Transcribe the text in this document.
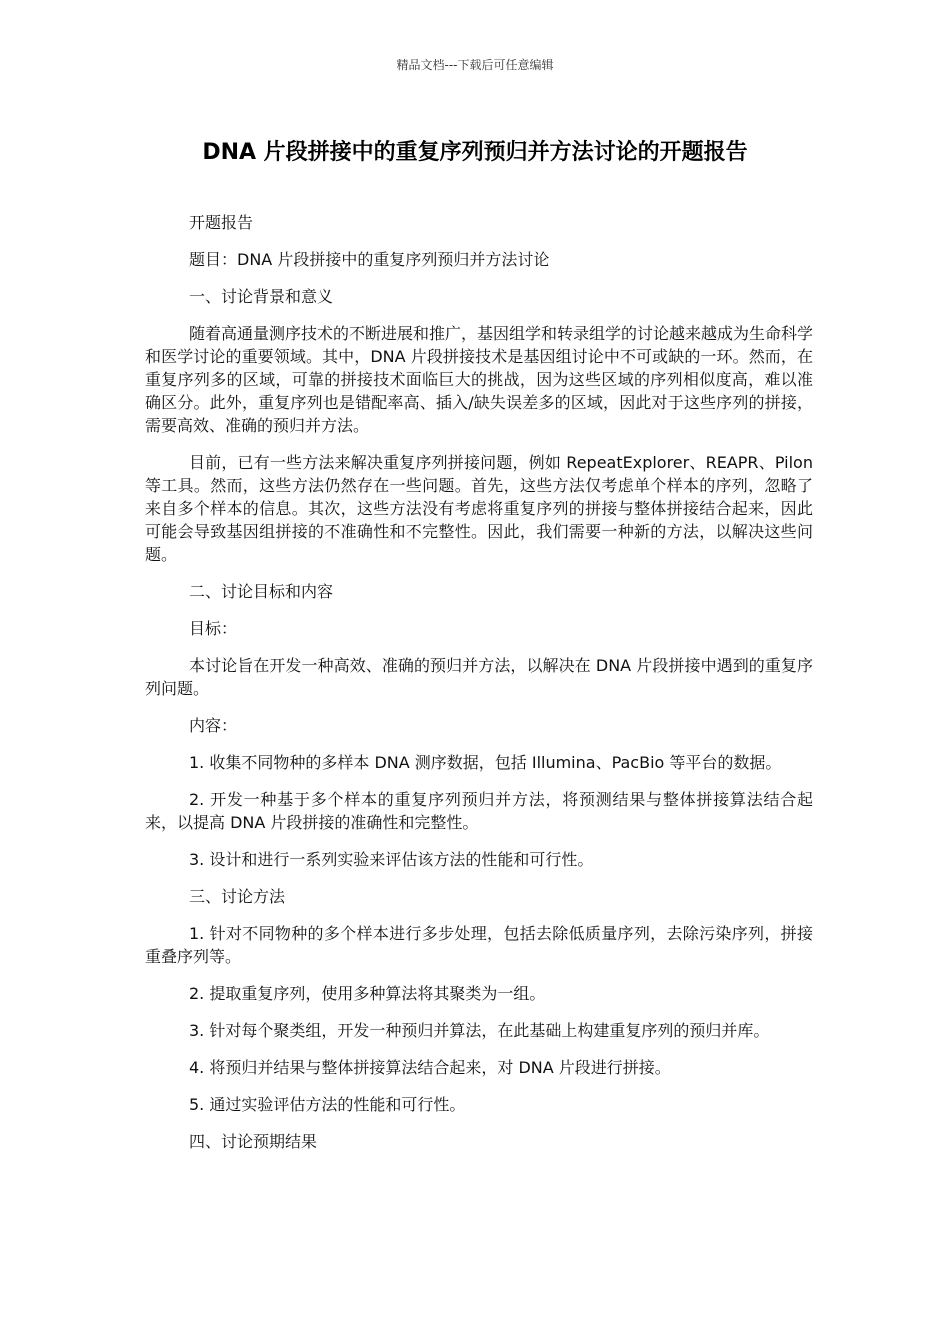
精品文档---下载后可任意编辑
DNA 片段拼接中的重复序列预归并方法讨论的开题报告

开题报告

题目：DNA 片段拼接中的重复序列预归并方法讨论

一、讨论背景和意义

随着高通量测序技术的不断进展和推广，基因组学和转录组学的讨论越来越成为生命科学和医学讨论的重要领域。其中，DNA 片段拼接技术是基因组讨论中不可或缺的一环。然而，在重复序列多的区域，可靠的拼接技术面临巨大的挑战，因为这些区域的序列相似度高，难以准确区分。此外，重复序列也是错配率高、插入/缺失误差多的区域，因此对于这些序列的拼接，需要高效、准确的预归并方法。

目前，已有一些方法来解决重复序列拼接问题，例如 RepeatExplorer、REAPR、Pilon 等工具。然而，这些方法仍然存在一些问题。首先，这些方法仅考虑单个样本的序列，忽略了来自多个样本的信息。其次，这些方法没有考虑将重复序列的拼接与整体拼接结合起来，因此可能会导致基因组拼接的不准确性和不完整性。因此，我们需要一种新的方法，以解决这些问题。

二、讨论目标和内容

目标：

本讨论旨在开发一种高效、准确的预归并方法，以解决在 DNA 片段拼接中遇到的重复序列问题。

内容：

1. 收集不同物种的多样本 DNA 测序数据，包括 Illumina、PacBio 等平台的数据。

2. 开发一种基于多个样本的重复序列预归并方法，将预测结果与整体拼接算法结合起来，以提高 DNA 片段拼接的准确性和完整性。

3. 设计和进行一系列实验来评估该方法的性能和可行性。

三、讨论方法

1. 针对不同物种的多个样本进行多步处理，包括去除低质量序列，去除污染序列，拼接重叠序列等。

2. 提取重复序列，使用多种算法将其聚类为一组。

3. 针对每个聚类组，开发一种预归并算法，在此基础上构建重复序列的预归并库。

4. 将预归并结果与整体拼接算法结合起来，对 DNA 片段进行拼接。

5. 通过实验评估方法的性能和可行性。

四、讨论预期结果
